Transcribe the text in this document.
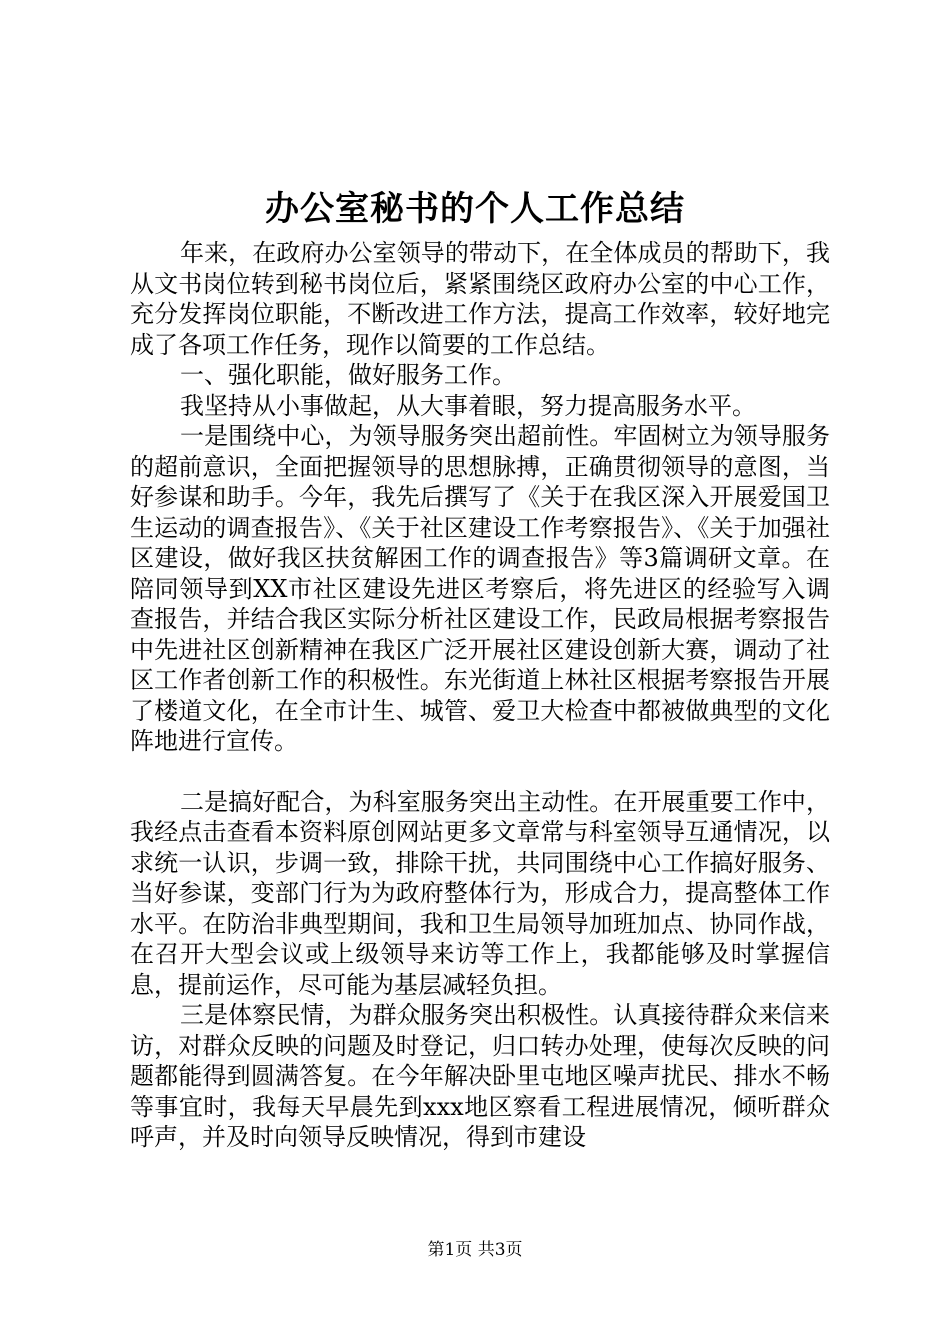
办公室秘书的个人工作总结

年来，在政府办公室领导的带动下，在全体成员的帮助下，我从文书岗位转到秘书岗位后，紧紧围绕区政府办公室的中心工作，充分发挥岗位职能，不断改进工作方法，提高工作效率，较好地完成了各项工作任务，现作以简要的工作总结。

一、强化职能，做好服务工作。

我坚持从小事做起，从大事着眼，努力提高服务水平。

一是围绕中心，为领导服务突出超前性。牢固树立为领导服务的超前意识，全面把握领导的思想脉搏，正确贯彻领导的意图，当好参谋和助手。今年，我先后撰写了《关于在我区深入开展爱国卫生运动的调查报告》、《关于社区建设工作考察报告》、《关于加强社区建设，做好我区扶贫解困工作的调查报告》等3篇调研文章。在陪同领导到XX市社区建设先进区考察后，将先进区的经验写入调查报告，并结合我区实际分析社区建设工作，民政局根据考察报告中先进社区创新精神在我区广泛开展社区建设创新大赛，调动了社区工作者创新工作的积极性。东光街道上林社区根据考察报告开展了楼道文化，在全市计生、城管、爱卫大检查中都被做典型的文化阵地进行宣传。

二是搞好配合，为科室服务突出主动性。在开展重要工作中，我经点击查看本资料原创网站更多文章常与科室领导互通情况，以求统一认识，步调一致，排除干扰，共同围绕中心工作搞好服务、当好参谋，变部门行为为政府整体行为，形成合力，提高整体工作水平。在防治非典型期间，我和卫生局领导加班加点、协同作战，在召开大型会议或上级领导来访等工作上，我都能够及时掌握信息，提前运作，尽可能为基层减轻负担。

三是体察民情，为群众服务突出积极性。认真接待群众来信来访，对群众反映的问题及时登记，归口转办处理，使每次反映的问题都能得到圆满答复。在今年解决卧里屯地区噪声扰民、排水不畅等事宜时，我每天早晨先到xxx地区察看工程进展情况，倾听群众呼声，并及时向领导反映情况，得到市建设

第1页 共3页
